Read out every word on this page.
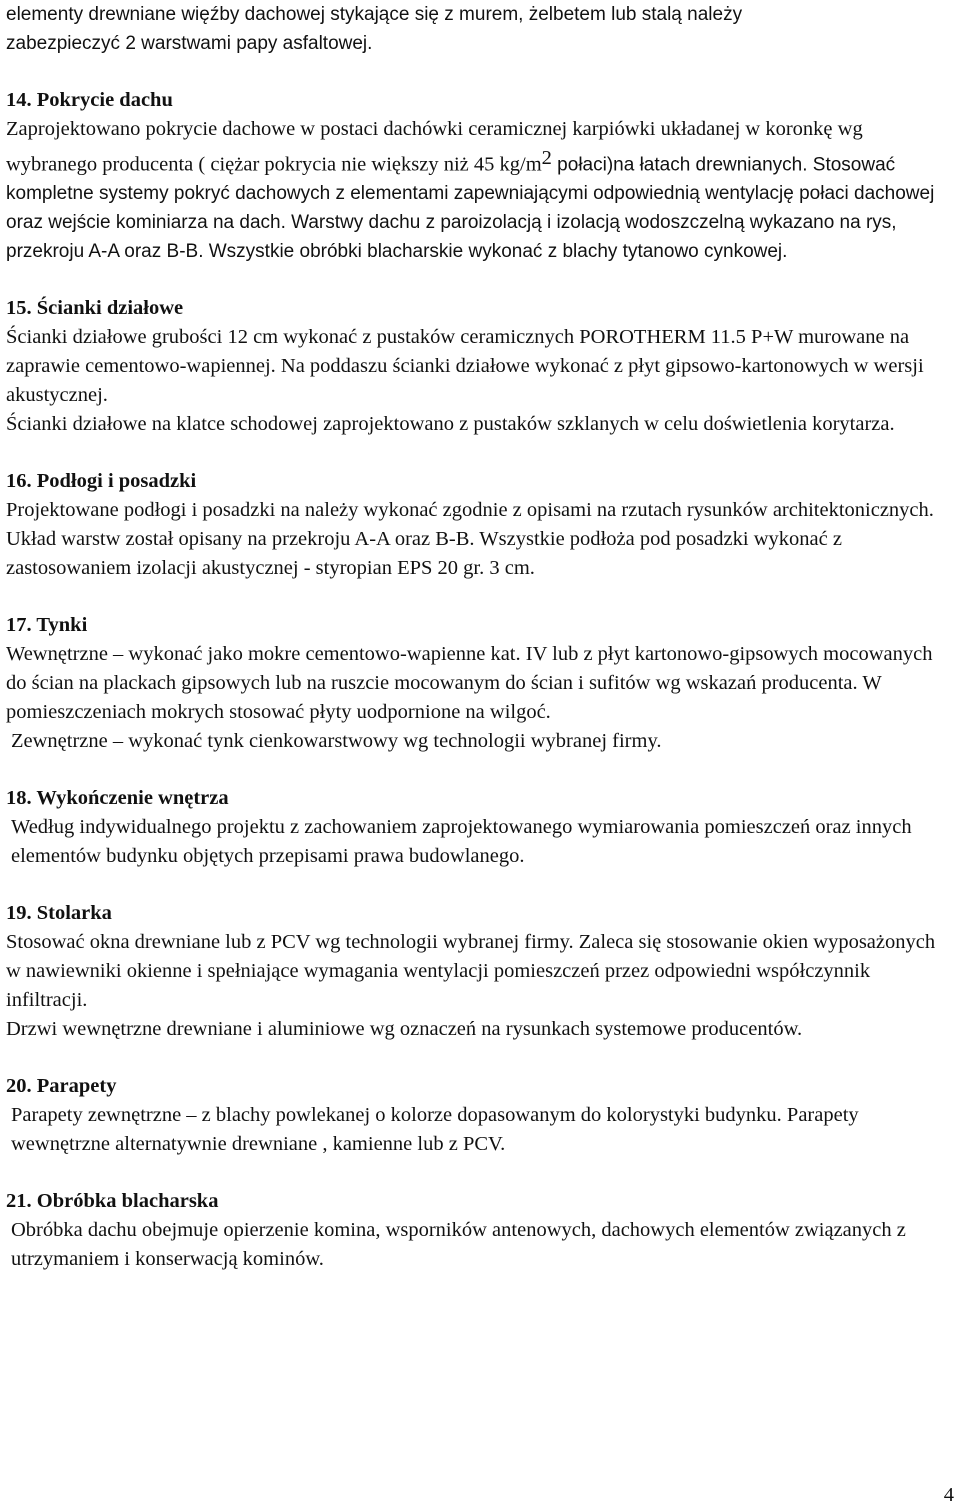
elementy drewniane więźby dachowej stykające się z murem, żelbetem lub stalą należy

zabezpieczyć 2 warstwami papy asfaltowej.

14. Pokrycie dachu

Zaprojektowano pokrycie dachowe w postaci dachówki ceramicznej karpiówki układanej w koronkę wg wybranego producenta ( ciężar pokrycia nie większy niż 45 $kg/m^2$ połaci)na łatach drewnianych. Stosować kompletne systemy pokryć dachowych z elementami zapewniającymi odpowiednią wentylację połaci dachowej oraz wejście kominiarza na dach. Warstwy dachu z paroizolacją i izolacją wodoszczelną wykazano na rys, przekroju A-A oraz B-B. Wszystkie obróbki blacharskie wykonać z blachy tytanowo cynkowej.

15. Ścianki działowe

Ścianki działowe grubości 12 cm wykonać z pustaków ceramicznych POROTHERM 11.5 P+W murowane na zaprawie cementowo-wapiennej. Na poddaszu ścianki działowe wykonać z płyt gipsowo-kartonowych w wersji akustycznej.

Ścianki działowe na klatce schodowej zaprojektowano z pustaków szklanych w celu doświetlenia korytarza.

16. Podłogi i posadzki

Projektowane podłogi i posadzki na należy wykonać zgodnie z opisami na rzutach rysunków architektonicznych. Układ warstw został opisany na przekroju A-A oraz B-B. Wszystkie podłoża pod posadzki wykonać z zastosowaniem izolacji akustycznej - styropian EPS 20 gr. 3 cm.

17. Tynki

Wewnętrzne – wykonać jako mokre cementowo-wapienne kat. IV lub z płyt kartonowo-gipsowych mocowanych do ścian na plackach gipsowych lub na ruszcie mocowanym do ścian i sufitów wg wskazań producenta. W pomieszczeniach mokrych stosować płyty uodpornione na wilgoć.

Zewnętrzne – wykonać tynk cienkowarstwowy wg technologii wybranej firmy.

18. Wykończenie wnętrza

Według indywidualnego projektu z zachowaniem zaprojektowanego wymiarowania pomieszczeń oraz innych elementów budynku objętych przepisami prawa budowlanego.

19. Stolarka

Stosować okna drewniane lub z PCV wg technologii wybranej firmy. Zaleca się stosowanie okien wyposażonych w nawiewniki okienne i spełniające wymagania wentylacji pomieszczeń przez odpowiedni współczynnik infiltracji.

Drzwi wewnętrzne drewniane i aluminiowe wg oznaczeń na rysunkach systemowe producentów.

20. Parapety

Parapety zewnętrzne – z blachy powlekanej o kolorze dopasowanym do kolorystyki budynku. Parapety wewnętrzne alternatywnie drewniane , kamienne lub z PCV.

21. Obróbka blacharska

Obróbka dachu obejmuje opierzenie komina, wsporników antenowych, dachowych elementów związanych z utrzymaniem i konserwacją kominów.

4
